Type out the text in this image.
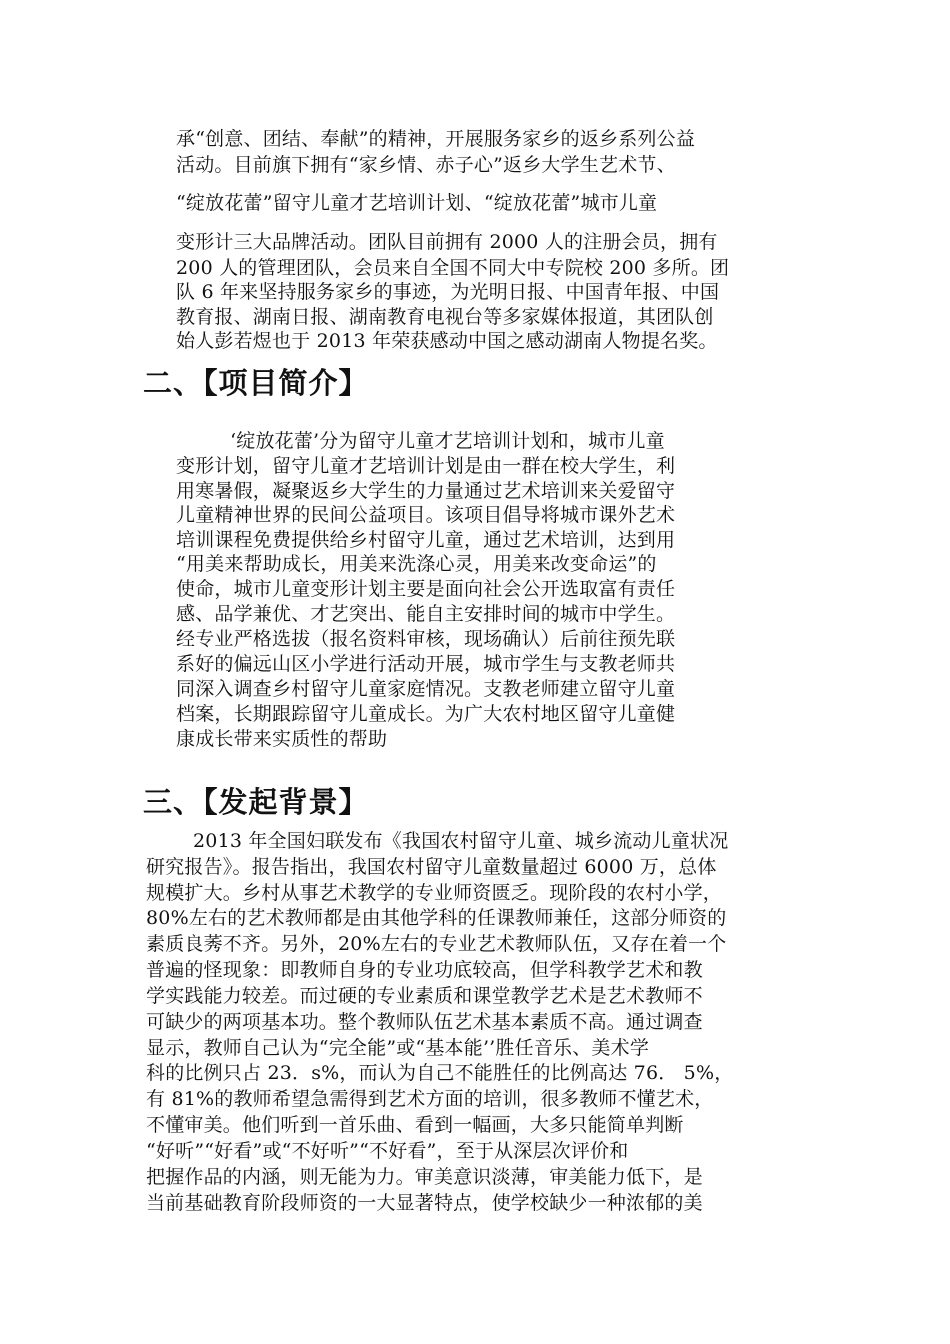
承“创意、团结、奉献”的精神，开展服务家乡的返乡系列公益
活动。目前旗下拥有“家乡情、赤子心”返乡大学生艺术节、
“绽放花蕾”留守儿童才艺培训计划、“绽放花蕾”城市儿童
变形计三大品牌活动。团队目前拥有 2000 人的注册会员，拥有
200 人的管理团队，会员来自全国不同大中专院校 200 多所。团
队 6 年来坚持服务家乡的事迹，为光明日报、中国青年报、中国
教育报、湖南日报、湖南教育电视台等多家媒体报道，其团队创
始人彭若煜也于 2013 年荣获感动中国之感动湖南人物提名奖。
二、【项目简介】
‘绽放花蕾’分为留守儿童才艺培训计划和，城市儿童
变形计划，留守儿童才艺培训计划是由一群在校大学生，利
用寒暑假，凝聚返乡大学生的力量通过艺术培训来关爱留守
儿童精神世界的民间公益项目。该项目倡导将城市课外艺术
培训课程免费提供给乡村留守儿童，通过艺术培训，达到用
“用美来帮助成长，用美来洗涤心灵，用美来改变命运”的
使命，城市儿童变形计划主要是面向社会公开选取富有责任
感、品学兼优、才艺突出、能自主安排时间的城市中学生。
经专业严格选拔（报名资料审核，现场确认）后前往预先联
系好的偏远山区小学进行活动开展，城市学生与支教老师共
同深入调查乡村留守儿童家庭情况。支教老师建立留守儿童
档案，长期跟踪留守儿童成长。为广大农村地区留守儿童健
康成长带来实质性的帮助
三、【发起背景】
2013 年全国妇联发布《我国农村留守儿童、城乡流动儿童状况
研究报告》。报告指出，我国农村留守儿童数量超过 6000 万，总体
规模扩大。乡村从事艺术教学的专业师资匮乏。现阶段的农村小学，
80%左右的艺术教师都是由其他学科的任课教师兼任，这部分师资的
素质良莠不齐。另外，20%左右的专业艺术教师队伍，又存在着一个
普遍的怪现象：即教师自身的专业功底较高，但学科教学艺术和教
学实践能力较差。而过硬的专业素质和课堂教学艺术是艺术教师不
可缺少的两项基本功。整个教师队伍艺术基本素质不高。通过调查
显示，教师自己认为“完全能”或“基本能’’胜任音乐、美术学
科的比例只占 23．s%，而认为自己不能胜任的比例高达 76． 5%，
有 81%的教师希望急需得到艺术方面的培训，很多教师不懂艺术，
不懂审美。他们听到一首乐曲、看到一幅画，大多只能简单判断
“好听”“好看”或“不好听”“不好看”，至于从深层次评价和
把握作品的内涵，则无能为力。审美意识淡薄，审美能力低下，是
当前基础教育阶段师资的一大显著特点，使学校缺少一种浓郁的美
